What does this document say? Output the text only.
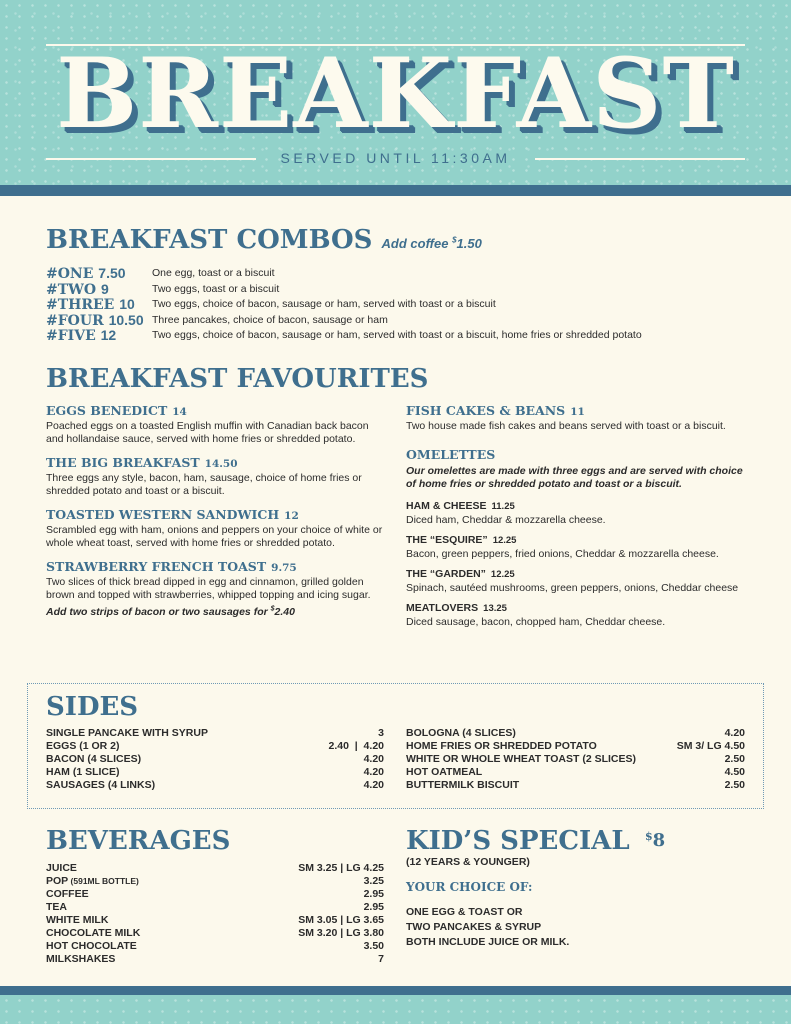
BREAKFAST
SERVED UNTIL 11:30AM
BREAKFAST COMBOS Add coffee $1.50
#ONE 7.50	One egg, toast or a biscuit
#TWO 9	Two eggs, toast or a biscuit
#THREE 10 Two eggs, choice of bacon, sausage or ham, served with toast or a biscuit
#FOUR 10.50 Three pancakes, choice of bacon, sausage or ham
#FIVE 12	Two eggs, choice of bacon, sausage or ham, served with toast or a biscuit, home fries or shredded potato
BREAKFAST FAVOURITES
EGGS BENEDICT 14
Poached eggs on a toasted English muffin with Canadian back bacon and hollandaise sauce, served with home fries or shredded potato.
THE BIG BREAKFAST 14.50
Three eggs any style, bacon, ham, sausage, choice of home fries or shredded potato and toast or a biscuit.
TOASTED WESTERN SANDWICH 12
Scrambled egg with ham, onions and peppers on your choice of white or whole wheat toast, served with home fries or shredded potato.
STRAWBERRY FRENCH TOAST 9.75
Two slices of thick bread dipped in egg and cinnamon, grilled golden brown and topped with strawberries, whipped topping and icing sugar. Add two strips of bacon or two sausages for $2.40
FISH CAKES & BEANS 11
Two house made fish cakes and beans served with toast or a biscuit.
OMELETTES
Our omelettes are made with three eggs and are served with choice of home fries or shredded potato and toast or a biscuit.
HAM & CHEESE 11.25
Diced ham, Cheddar & mozzarella cheese.
THE “ESQUIRE” 12.25
Bacon, green peppers, fried onions, Cheddar & mozzarella cheese.
THE “GARDEN” 12.25
Spinach, sautéed mushrooms, green peppers, onions, Cheddar cheese
MEATLOVERS 13.25
Diced sausage, bacon, chopped ham, Cheddar cheese.
SIDES
SINGLE PANCAKE WITH SYRUP	3
EGGS (1 OR 2)	2.40  |  4.20
BACON (4 SLICES)	4.20
HAM (1 SLICE)	4.20
SAUSAGES (4 LINKS)	4.20
BOLOGNA (4 SLICES)	4.20
HOME FRIES OR SHREDDED POTATO	SM 3/ LG 4.50
WHITE OR WHOLE WHEAT TOAST (2 SLICES)	2.50
HOT OATMEAL	4.50
BUTTERMILK BISCUIT	2.50
BEVERAGES
JUICE	SM 3.25 | LG 4.25
POP (591ML BOTTLE)	3.25
COFFEE	2.95
TEA	2.95
WHITE MILK	SM 3.05 | LG 3.65
CHOCOLATE MILK	SM 3.20 | LG 3.80
HOT CHOCOLATE	3.50
MILKSHAKES	7
KID’S SPECIAL $8
(12 YEARS & YOUNGER)
YOUR CHOICE OF:
ONE EGG & TOAST OR
TWO PANCAKES & SYRUP
BOTH INCLUDE JUICE OR MILK.
